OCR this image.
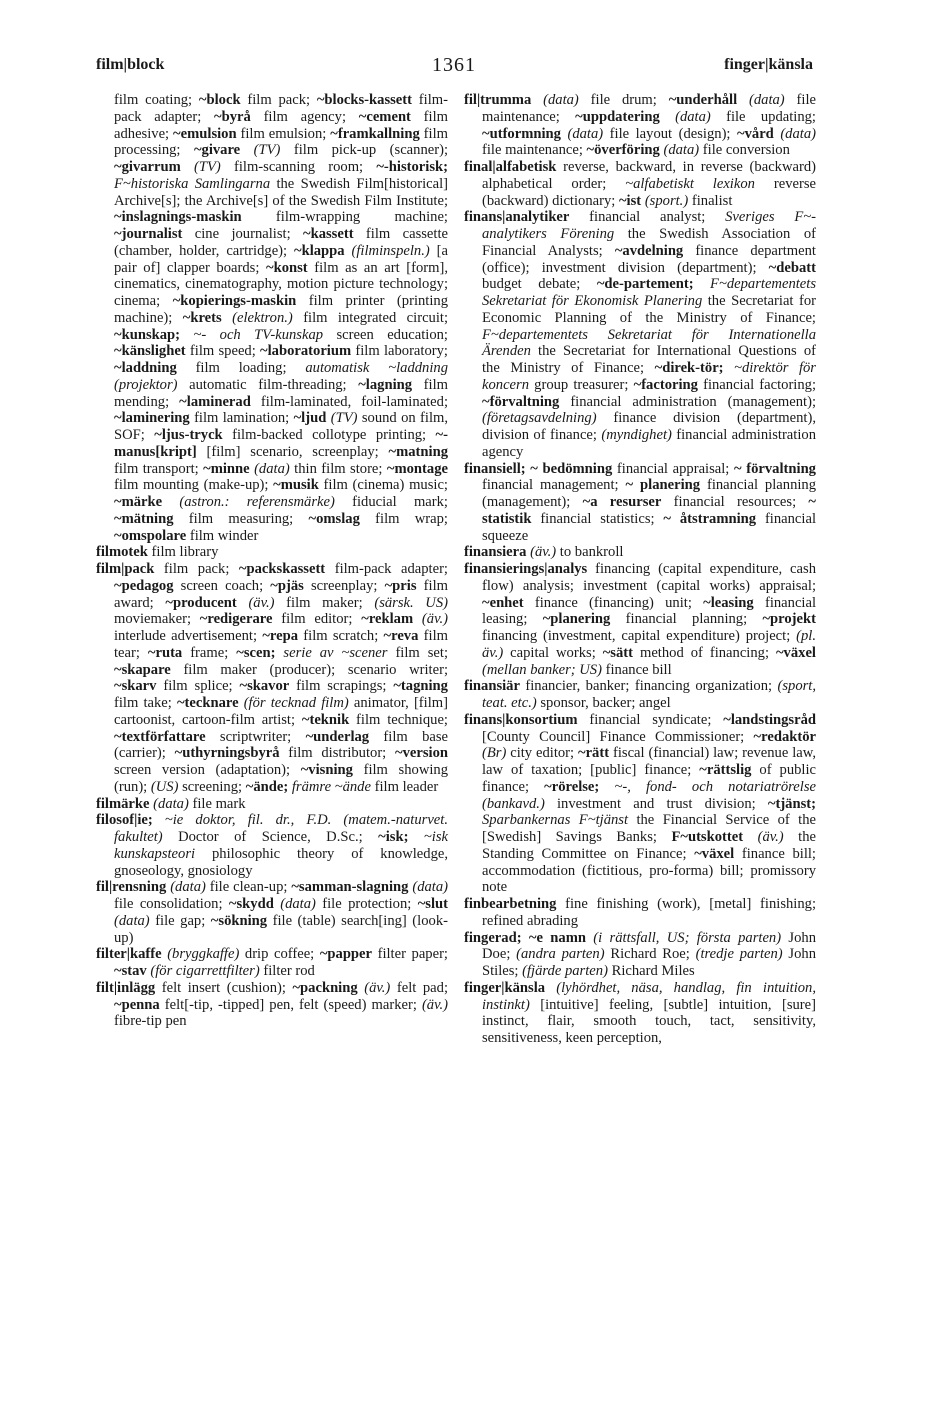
film|block	1361	finger|känsla

film coating; ~block film pack; ~blocks-kassett film-pack adapter; ~byrå film agency; ~cement film adhesive; ~emulsion film emulsion; ~framkallning film processing; ~givare (TV) film pick-up (scanner); ~givarrum (TV) film-scanning room; ~-historisk; F~historiska Samlingarna the Swedish Film[historical] Archive[s]; the Archive[s] of the Swedish Film Institute; ~inslagnings-maskin film-wrapping machine; ~journalist cine journalist; ~kassett film cassette (chamber, holder, cartridge); ~klappa (filminspeln.) [a pair of] clapper boards; ~konst film as an art [form], cinematics, cinematography, motion picture technology; cinema; ~kopierings-maskin film printer (printing machine); ~krets (elektron.) film integrated circuit; ~kunskap; ~- och TV-kunskap screen education; ~känslighet film speed; ~laboratorium film laboratory; ~laddning film loading; automatisk ~laddning (projektor) automatic film-threading; ~lagning film mending; ~laminerad film-laminated, foil-laminated; ~laminering film lamination; ~ljud (TV) sound on film, SOF; ~ljus-tryck film-backed collotype printing; ~-manus[kript] [film] scenario, screenplay; ~matning film transport; ~minne (data) thin film store; ~montage film mounting (make-up); ~musik film (cinema) music; ~märke (astron.: referensmärke) fiducial mark; ~mätning film measuring; ~omslag film wrap; ~omspolare film winder

filmotek film library

film|pack film pack; ~packskassett film-pack adapter; ~pedagog screen coach; ~pjäs screenplay; ~pris film award; ~producent (äv.) film maker; (särsk. US) moviemaker; ~redigerare film editor; ~reklam (äv.) interlude advertisement; ~repa film scratch; ~reva film tear; ~ruta frame; ~scen; serie av ~scener film set; ~skapare film maker (producer); scenario writer; ~skarv film splice; ~skavor film scrapings; ~tagning film take; ~tecknare (för tecknad film) animator, [film] cartoonist, cartoon-film artist; ~teknik film technique; ~textförfattare scriptwriter; ~underlag film base (carrier); ~uthyrningsbyrå film distributor; ~version screen version (adaptation); ~visning film showing (run); (US) screening; ~ände; främre ~ände film leader

filmärke (data) file mark

filosof|ie; ~ie doktor, fil. dr., F.D. (matem.-naturvet. fakultet) Doctor of Science, D.Sc.; ~isk; ~isk kunskapsteori philosophic theory of knowledge, gnoseology, gnosiology

fil|rensning (data) file clean-up; ~samman-slagning (data) file consolidation; ~skydd (data) file protection; ~slut (data) file gap; ~sökning file (table) search[ing] (look-up)

filter|kaffe (bryggkaffe) drip coffee; ~papper filter paper; ~stav (för cigarrettfilter) filter rod

filt|inlägg felt insert (cushion); ~packning (äv.) felt pad; ~penna felt[-tip, -tipped] pen, felt (speed) marker; (äv.) fibre-tip pen

fil|trumma (data) file drum; ~underhåll (data) file maintenance; ~uppdatering (data) file updating; ~utformning (data) file layout (design); ~vård (data) file maintenance; ~överföring (data) file conversion

final|alfabetisk reverse, backward, in reverse (backward) alphabetical order; ~alfabetiskt lexikon reverse (backward) dictionary; ~ist (sport.) finalist

finans|analytiker financial analyst; Sveriges F~-analytikers Förening the Swedish Association of Financial Analysts; ~avdelning finance department (office); investment division (department); ~debatt budget debate; ~de-partement; F~departementets Sekretariat för Ekonomisk Planering the Secretariat for Economic Planning of the Ministry of Finance; F~departementets Sekretariat för Internationella Ärenden the Secretariat for International Questions of the Ministry of Finance; ~direk-tör; ~direktör för koncern group treasurer; ~factoring financial factoring; ~förvaltning financial administration (management); (företagsavdelning) finance division (department), division of finance; (myndighet) financial administration agency

finansiell; ~ bedömning financial appraisal; ~ förvaltning financial management; ~ planering financial planning (management); ~a resurser financial resources; ~ statistik financial statistics; ~ åtstramning financial squeeze

finansiera (äv.) to bankroll

finansierings|analys financing (capital expenditure, cash flow) analysis; investment (capital works) appraisal; ~enhet finance (financing) unit; ~leasing financial leasing; ~planering financial planning; ~projekt financing (investment, capital expenditure) project; (pl. äv.) capital works; ~sätt method of financing; ~växel (mellan banker; US) finance bill

finansiär financier, banker; financing organization; (sport, teat. etc.) sponsor, backer; angel

finans|konsortium financial syndicate; ~landstingsråd [County Council] Finance Commissioner; ~redaktör (Br) city editor; ~rätt fiscal (financial) law; revenue law, law of taxation; [public] finance; ~rättslig of public finance; ~rörelse; ~-, fond- och notariatrörelse (bankavd.) investment and trust division; ~tjänst; Sparbankernas F~tjänst the Financial Service of the [Swedish] Savings Banks; F~utskottet (äv.) the Standing Committee on Finance; ~växel finance bill; accommodation (fictitious, pro-forma) bill; promissory note

finbearbetning fine finishing (work), [metal] finishing; refined abrading

fingerad; ~e namn (i rättsfall, US; första parten) John Doe; (andra parten) Richard Roe; (tredje parten) John Stiles; (fjärde parten) Richard Miles

finger|känsla (lyhördhet, näsa, handlag, fin intuition, instinkt) [intuitive] feeling, [subtle] intuition, [sure] instinct, flair, smooth touch, tact, sensitivity, sensitiveness, keen perception,
